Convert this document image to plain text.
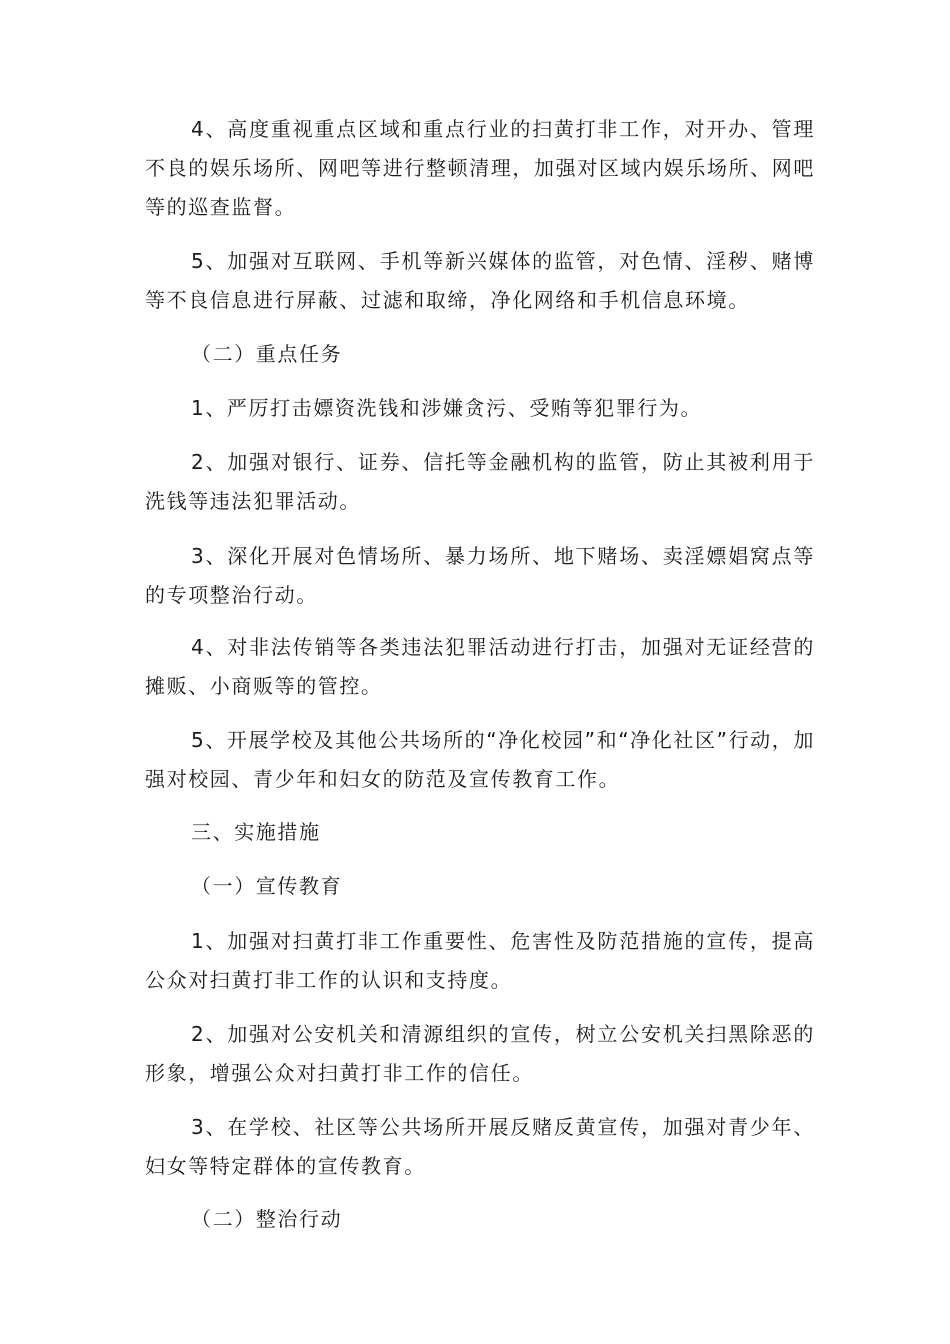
4、高度重视重点区域和重点行业的扫黄打非工作，对开办、管理不良的娱乐场所、网吧等进行整顿清理，加强对区域内娱乐场所、网吧等的巡查监督。

5、加强对互联网、手机等新兴媒体的监管，对色情、淫秽、赌博等不良信息进行屏蔽、过滤和取缔，净化网络和手机信息环境。

（二）重点任务

1、严厉打击嫖资洗钱和涉嫌贪污、受贿等犯罪行为。

2、加强对银行、证券、信托等金融机构的监管，防止其被利用于洗钱等违法犯罪活动。

3、深化开展对色情场所、暴力场所、地下赌场、卖淫嫖娼窝点等的专项整治行动。

4、对非法传销等各类违法犯罪活动进行打击，加强对无证经营的摊贩、小商贩等的管控。

5、开展学校及其他公共场所的“净化校园”和“净化社区”行动，加强对校园、青少年和妇女的防范及宣传教育工作。

三、实施措施

（一）宣传教育

1、加强对扫黄打非工作重要性、危害性及防范措施的宣传，提高公众对扫黄打非工作的认识和支持度。

2、加强对公安机关和清源组织的宣传，树立公安机关扫黑除恶的形象，增强公众对扫黄打非工作的信任。

3、在学校、社区等公共场所开展反赌反黄宣传，加强对青少年、妇女等特定群体的宣传教育。

（二）整治行动
